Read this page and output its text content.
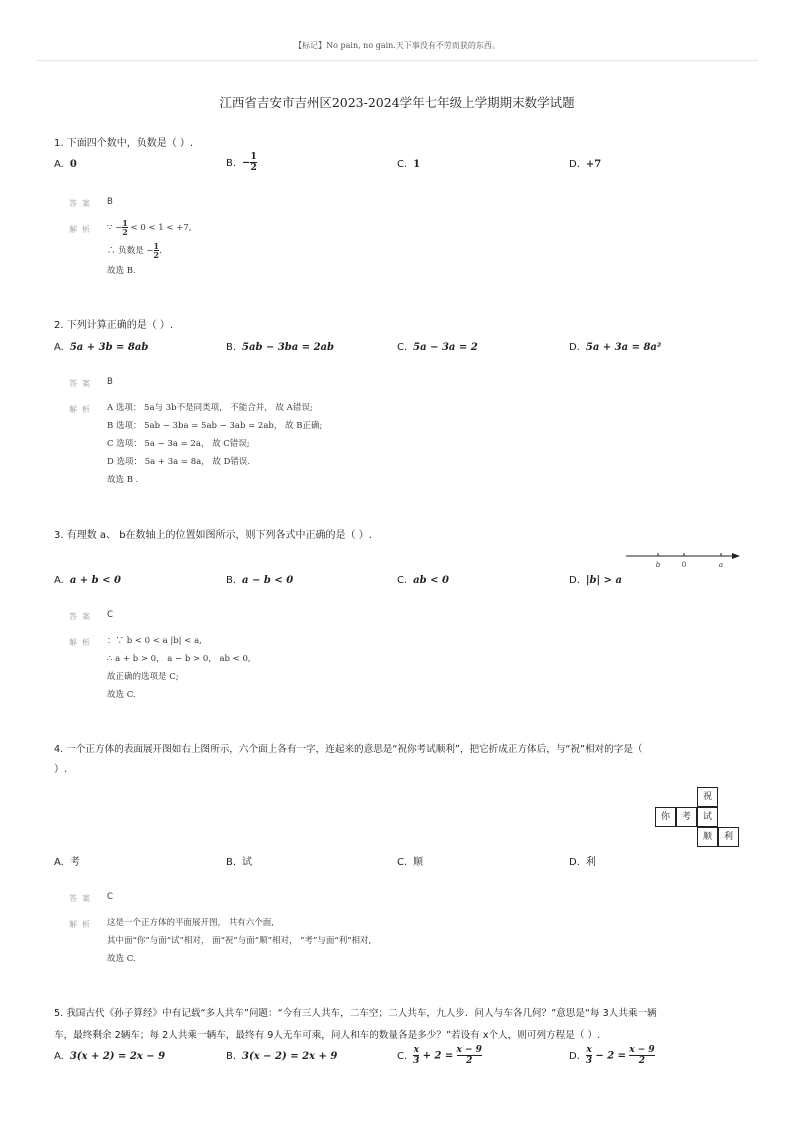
【标记】No pain, no gain.天下事没有不劳而获的东西。
江西省吉安市吉州区2023-2024学年七年级上学期期末数学试题
1. 下面四个数中，负数是（ ）.
A. 0	B. − $\frac{1}{2}$	C. 1	D. +7
答案 B
解析 ∵ − $\frac{1}{2} < 0 < 1 < +7$,
∴ 负数是 − $\frac{1}{2}$ .
故选 B.
2. 下列计算正确的是（ ）.
A. 5a + 3b = 8ab	B. 5ab − 3ba = 2ab	C. 5a − 3a = 2	D. 5a + 3a = 8a²
答案 B
解析 A 选项： 5a与 3b不是同类项， 不能合并， 故 A错误;
B 选项： 5ab − 3ba = 5ab − 3ab = 2ab， 故 B正确;
C 选项： 5a − 3a = 2a， 故 C错误;
D 选项： 5a + 3a = 8a， 故 D错误.
故选 B .
3. 有理数 a、 b在数轴上的位置如图所示，则下列各式中正确的是（ ）.
b	0	a
A. a + b < 0	B. a − b < 0	C. ab < 0	D. |b| > a
答案 C
解析 ：∵ b < 0 < a |b| < a,
∴ a + b > 0， a − b > 0， ab < 0,
故正确的选项是 C;
故选 C.
4. 一个正方体的表面展开图如右上图所示，六个面上各有一字，连起来的意思是“祝你考试顺利”，把它折成正方体后，与“祝”相对的字是（
）.
祝
你	考	试
顺	利
A. 考	B. 试	C. 顺	D. 利
答案 C
解析 这是一个正方体的平面展开图， 共有六个面,
其中面“你”与面“试”相对， 面“祝”与面“顺”相对， “考”与面“利”相对,
故选 C.
5. 我国古代《孙子算经》中有记载“多人共车”问题：“今有三人共车，二车空；二人共车，九人步．问人与车各几何？”意思是“每 3人共乘一辆
车，最终剩余 2辆车；每 2人共乘一辆车，最终有 9人无车可乘，问人和车的数量各是多少？”若设有 x个人，则可列方程是（ ）.
A. 3(x + 2) = 2x − 9	B. 3(x − 2) = 2x + 9	C. $\frac{x}{3} + 2 = \frac{x - 9}{2}$	D. $\frac{x}{3} - 2 = \frac{x - 9}{2}$
